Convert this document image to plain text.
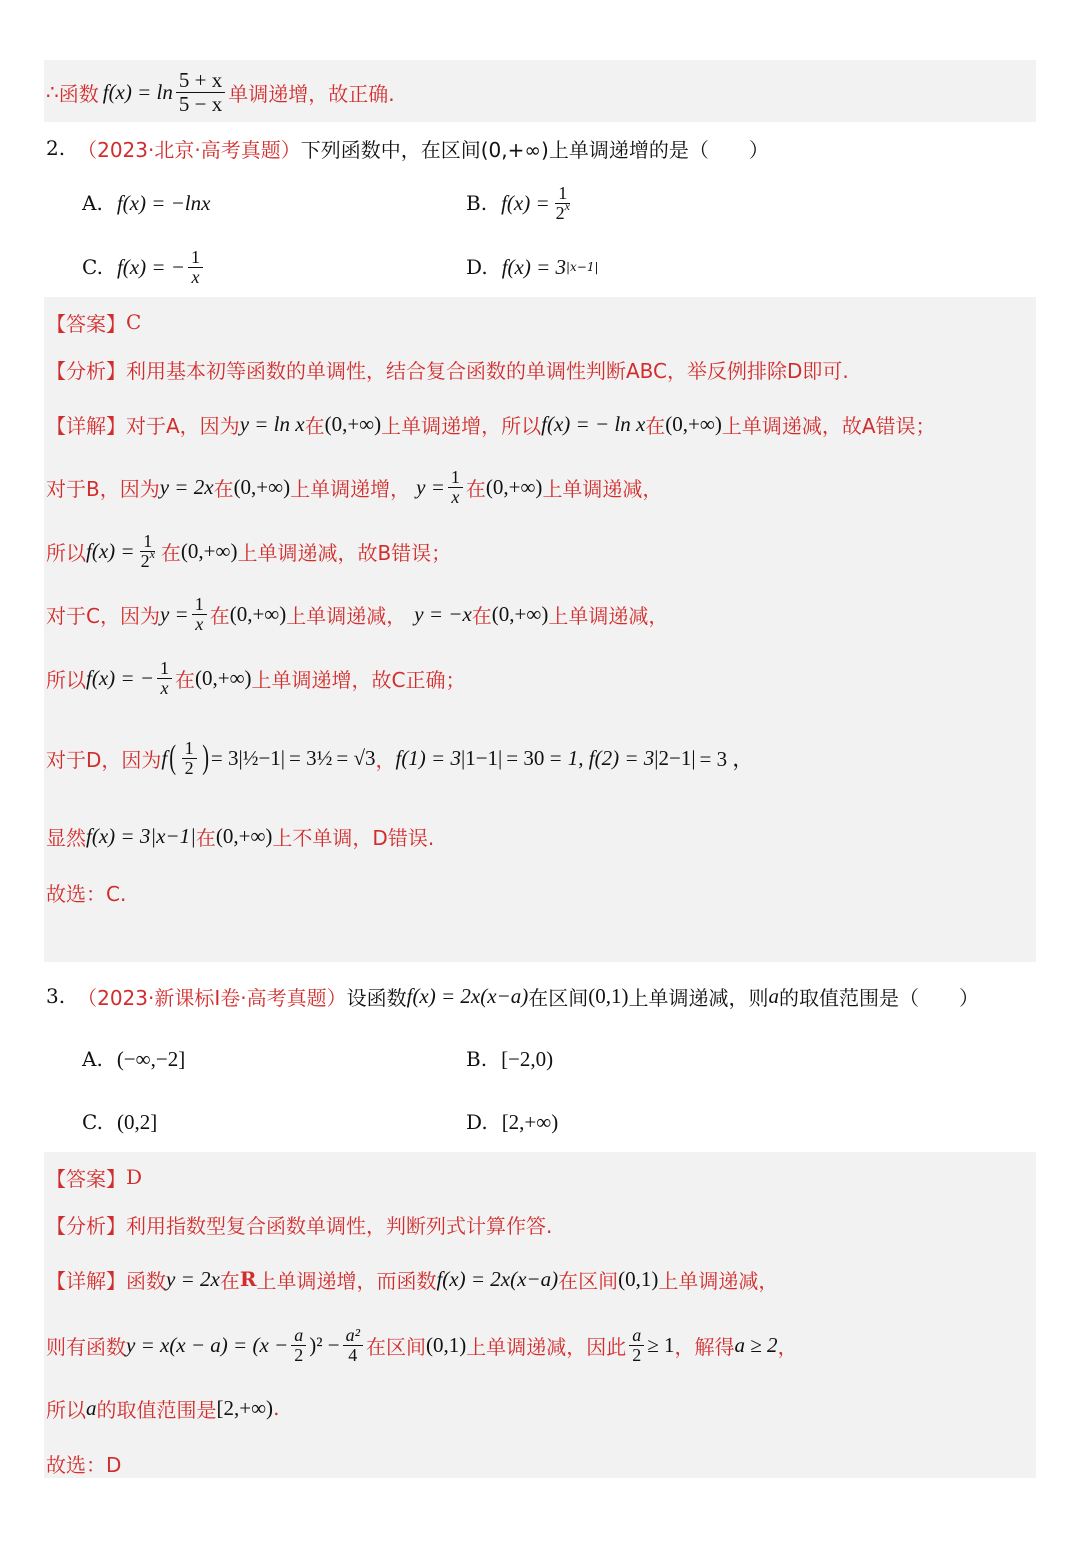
∴ 函数 $f(x) = \ln \frac{5 + x}{5 - x}$ 单调递增，故正确.
2. （2023·北京·高考真题） 下列函数中，在区间(0,+∞)上单调递增的是（　　）
A. f(x) = −lnx	B. $f(x) = \frac{1}{2^x}$
C. f(x) = − $\frac{1}{x}$	D. f(x) = 3 |x−1|
【答案】 C
【分析】 利用基本初等函数的单调性，结合复合函数的单调性判断ABC，举反例排除D即可.
【详解】 对于A，因为 y = ln x 在 (0,+∞) 上单调递增，所以 f(x) = − ln x 在 (0,+∞) 上单调递减，故A错误；
对于B，因为 y = 2 x 在 (0,+∞) 上单调递增， $y = \frac{1}{x}$ 在 (0,+∞) 上单调递减，
所以 $f(x) = \frac{1}{2^x}$ 在 (0,+∞) 上单调递减，故B错误；
对于C，因为 $y = \frac{1}{x}$ 在 (0,+∞) 上单调递减， y = −x 在 (0,+∞) 上单调递减，
所以 f(x) = − $\frac{1}{x}$ 在 (0,+∞) 上单调递增，故C正确；
对于D，因为 f ( $\frac{1}{2}$ ) = 3 |½−1| = 3 ½ = √3 ， f(1) = 3 |1−1| = 3 0 = 1, f(2) = 3 |2−1| = 3 ，
显然 f(x) = 3 |x−1| 在 (0,+∞) 上不单调，D错误.
故选：C.
3. （2023·新课标Ⅰ卷·高考真题） 设函数 f(x) = 2 x(x−a) 在区间 (0,1) 上单调递减，则 a 的取值范围是（　　）
A. (−∞,−2]	B. [−2,0)
C. (0,2]	D. [2,+∞)
【答案】 D
【分析】 利用指数型复合函数单调性，判断列式计算作答.
【详解】 函数 y = 2 x 在 R 上单调递增，而函数 f(x) = 2 x(x−a) 在区间 (0,1) 上单调递减，
则有函数 $y = x(x - a) = (x - \frac{a}{2} )^2 - \frac{\text{a²}}{4}$ 在区间 (0,1) 上单调递减，因此 $\frac{a}{2} \ge 1$ ，解得 a ≥ 2 ，
所以 a 的取值范围是 [2,+∞) .
故选：D
